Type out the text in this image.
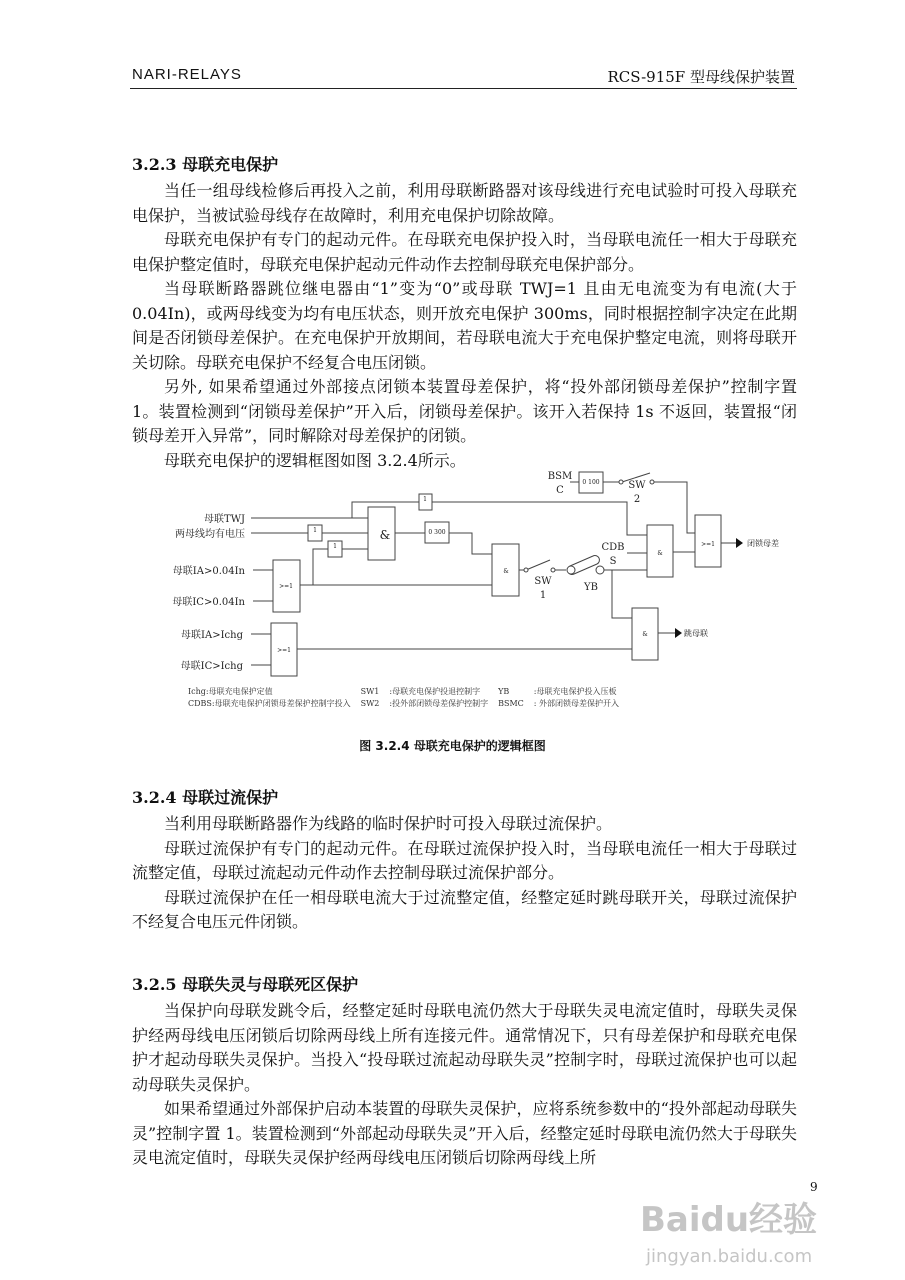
NARI-RELAYS	RCS-915F 型母线保护装置
3.2.3 母联充电保护

当任一组母线检修后再投入之前，利用母联断路器对该母线进行充电试验时可投入母联充电保护，当被试验母线存在故障时，利用充电保护切除故障。

母联充电保护有专门的起动元件。在母联充电保护投入时，当母联电流任一相大于母联充电保护整定值时，母联充电保护起动元件动作去控制母联充电保护部分。

当母联断路器跳位继电器由“1”变为“0”或母联 TWJ=1 且由无电流变为有电流(大于 0.04In)，或两母线变为均有电压状态，则开放充电保护 300ms，同时根据控制字决定在此期间是否闭锁母差保护。在充电保护开放期间，若母联电流大于充电保护整定电流，则将母联开关切除。母联充电保护不经复合电压闭锁。

另外, 如果希望通过外部接点闭锁本装置母差保护，将“投外部闭锁母差保护”控制字置 1。装置检测到“闭锁母差保护”开入后，闭锁母差保护。该开入若保持 1s 不返回，装置报“闭锁母差开入异常”，同时解除对母差保护的闭锁。

母联充电保护的逻辑框图如图 3.2.4所示。

母联TWJ
两母线均有电压
母联IA>0.04In
母联IC>0.04In
母联IA>Ichg
母联IC>Ichg
1
1
1
0 300
0 100
>=1
>=1
>=1
&
&
&
&
BSM
C	SW
2
SW
1
CDB
S
YB
闭锁母差
跳母联
Ichg:母联充电保护定值
CDBS:母联充电保护闭锁母差保护控制字投入
SW1
SW2
:母联充电保护投退控制字
:投外部闭锁母差保护控制字
YB
BSMC
:母联充电保护投入压板
: 外部闭锁母差保护开入
图 3.2.4 母联充电保护的逻辑框图
3.2.4 母联过流保护

当利用母联断路器作为线路的临时保护时可投入母联过流保护。

母联过流保护有专门的起动元件。在母联过流保护投入时，当母联电流任一相大于母联过流整定值，母联过流起动元件动作去控制母联过流保护部分。

母联过流保护在任一相母联电流大于过流整定值，经整定延时跳母联开关，母联过流保护不经复合电压元件闭锁。

3.2.5 母联失灵与母联死区保护

当保护向母联发跳令后，经整定延时母联电流仍然大于母联失灵电流定值时，母联失灵保护经两母线电压闭锁后切除两母线上所有连接元件。通常情况下，只有母差保护和母联充电保护才起动母联失灵保护。当投入“投母联过流起动母联失灵”控制字时，母联过流保护也可以起动母联失灵保护。

如果希望通过外部保护启动本装置的母联失灵保护，应将系统参数中的“投外部起动母联失灵”控制字置 1。装置检测到“外部起动母联失灵”开入后，经整定延时母联电流仍然大于母联失灵电流定值时，母联失灵保护经两母线电压闭锁后切除两母线上所

9
Baidu经验
jingyan.baidu.com
